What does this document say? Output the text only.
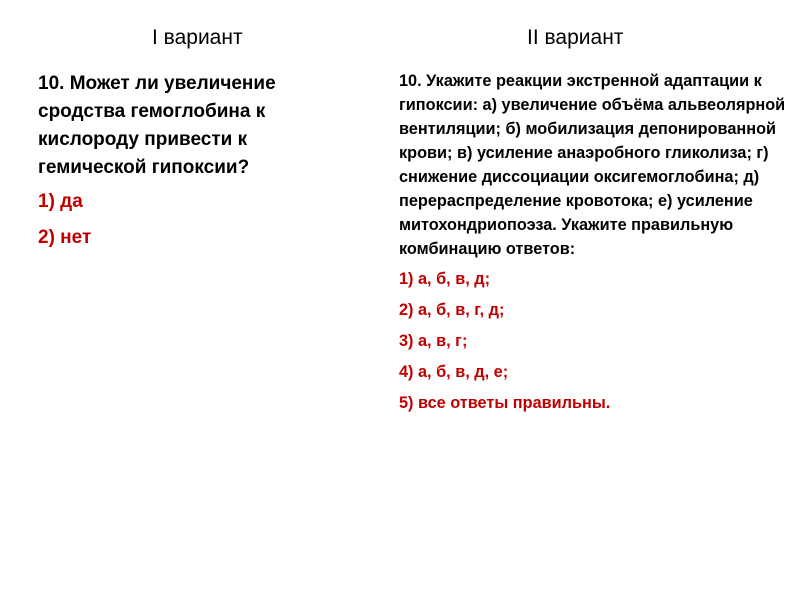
I вариант	II вариант

10. Может ли увеличение сродства гемоглобина к кислороду привести к гемической гипоксии?

1) да
2) нет

10. Укажите реакции экстренной адаптации к гипоксии: а) увеличение объёма альвеолярной вентиляции; б) мобилизация депонированной крови; в) усиление анаэробного гликолиза; г) снижение диссоциации оксигемоглобина; д) перераспределение кровотока; е) усиление митохондриопоэза. Укажите правильную комбинацию ответов:

1) а, б, в, д;
2) а, б, в, г, д;
3) а, в, г;
4) а, б, в, д, е;
5) все ответы правильны.
